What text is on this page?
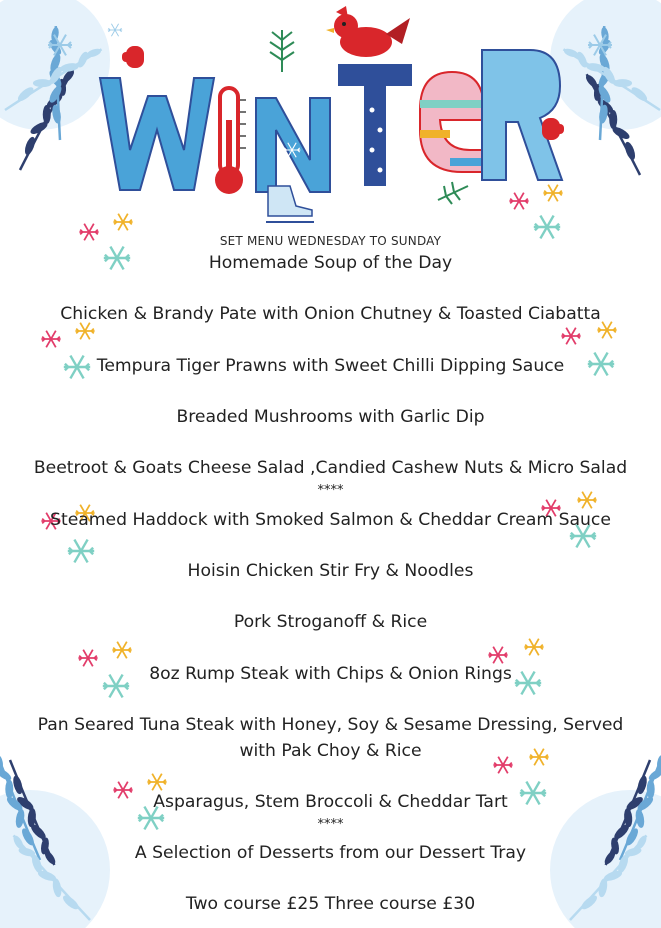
SET MENU WEDNESDAY TO SUNDAY
Homemade Soup of the Day
Chicken & Brandy Pate with Onion Chutney & Toasted Ciabatta
Tempura Tiger Prawns with Sweet Chilli Dipping Sauce
Breaded Mushrooms with Garlic Dip
Beetroot & Goats Cheese Salad ,Candied Cashew Nuts & Micro Salad
****
Steamed Haddock with Smoked Salmon & Cheddar Cream Sauce
Hoisin Chicken Stir Fry & Noodles
Pork Stroganoff & Rice
8oz Rump Steak with Chips & Onion Rings
Pan Seared Tuna Steak with Honey, Soy & Sesame Dressing, Served with Pak Choy & Rice
Asparagus, Stem Broccoli & Cheddar Tart
****
A Selection of Desserts from our Dessert Tray
Two course £25 Three course £30
